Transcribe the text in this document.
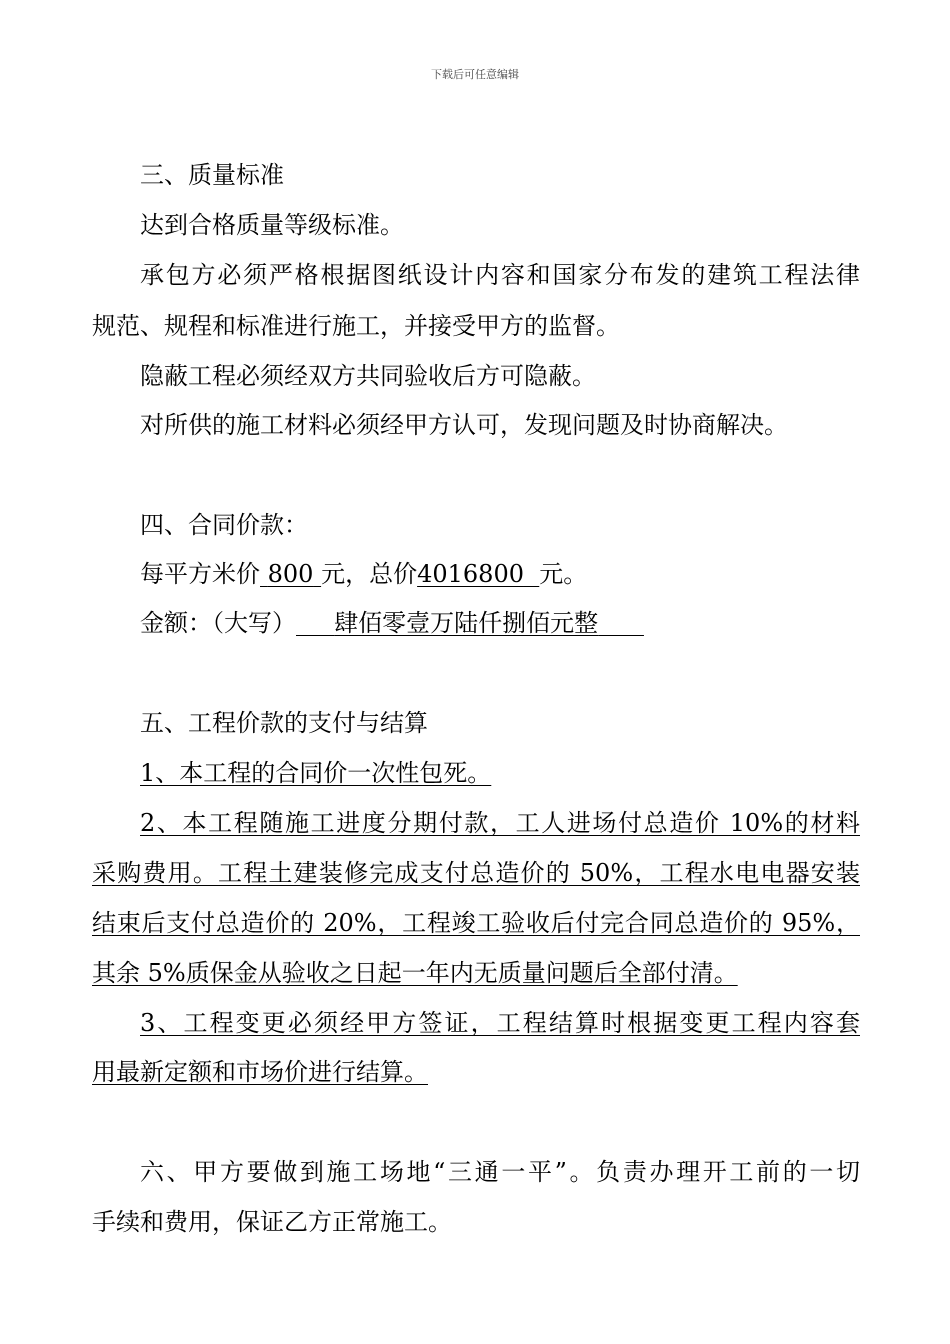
下载后可任意编辑
三、质量标准
达到合格质量等级标准。
承包方必须严格根据图纸设计内容和国家分布发的建筑工程法律
规范、规程和标准进行施工，并接受甲方的监督。
隐蔽工程必须经双方共同验收后方可隐蔽。
对所供的施工材料必须经甲方认可，发现问题及时协商解决。
四、合同价款：
每平方米价 800 元，总价4016800 元。
金额：（大写） 肆佰零壹万陆仟捌佰元整
五、工程价款的支付与结算
1、本工程的合同价一次性包死。
2、本工程随施工进度分期付款，工人进场付总造价 10%的材料
采购费用。工程土建装修完成支付总造价的 50%，工程水电电器安装
结束后支付总造价的 20%，工程竣工验收后付完合同总造价的 95%，
其余 5%质保金从验收之日起一年内无质量问题后全部付清。
3、工程变更必须经甲方签证，工程结算时根据变更工程内容套
用最新定额和市场价进行结算。
六、甲方要做到施工场地“三通一平”。负责办理开工前的一切
手续和费用，保证乙方正常施工。
